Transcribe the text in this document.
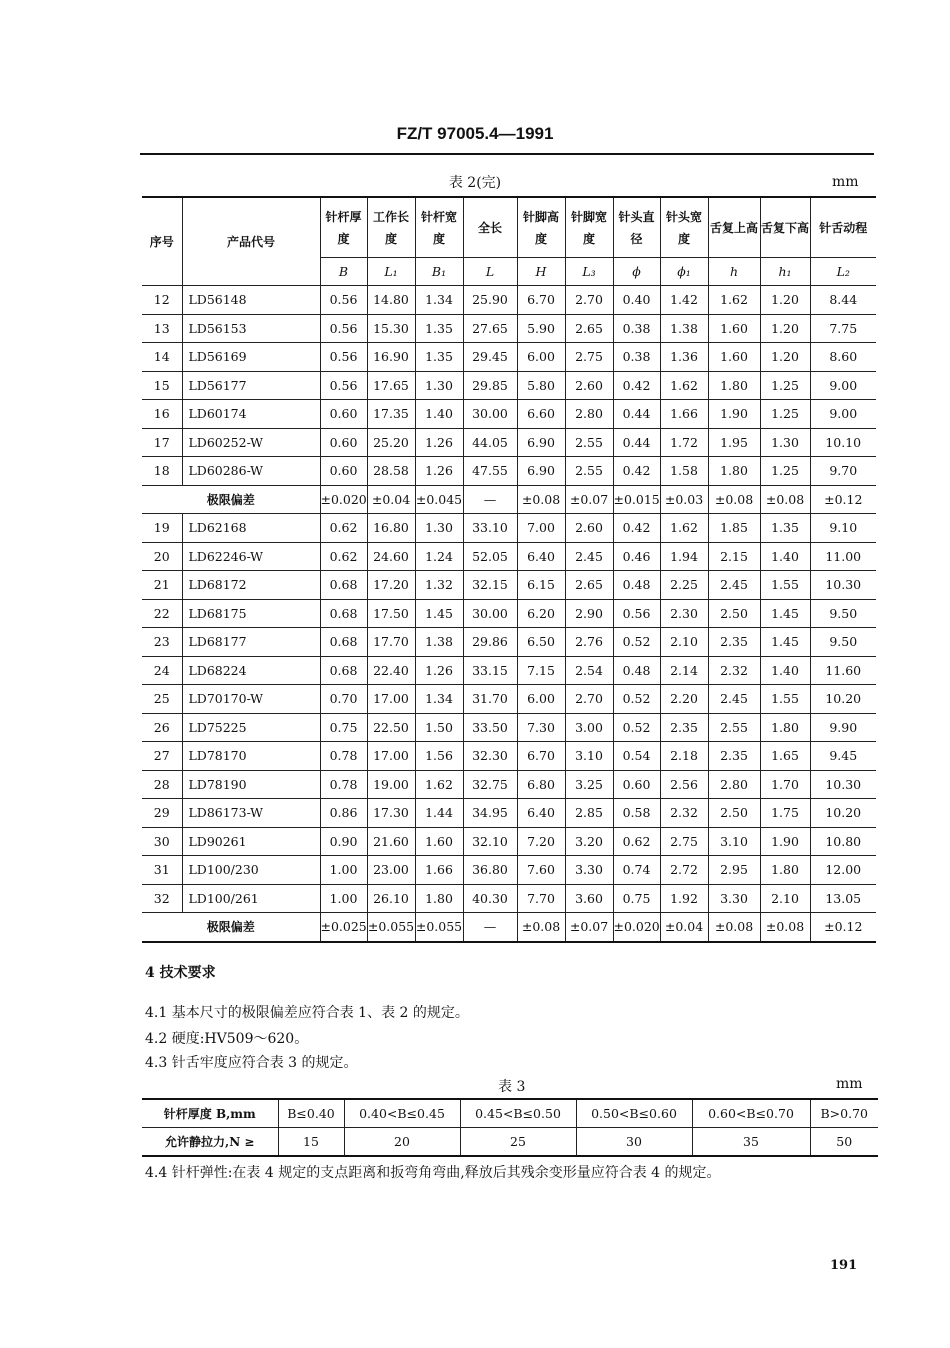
FZ/T 97005.4—1991
表 2(完)	mm
序号	产品代号	针杆厚度	工作长度	针杆宽度	全长	针脚高度	针脚宽度	针头直径	针头宽度	舌复上高	舌复下高	针舌动程
		B	L₁	B₁	L	H	L₃	ϕ	ϕ₁	h	h₁	L₂
12	LD56148	0.56	14.80	1.34	25.90	6.70	2.70	0.40	1.42	1.62	1.20	8.44
13	LD56153	0.56	15.30	1.35	27.65	5.90	2.65	0.38	1.38	1.60	1.20	7.75
14	LD56169	0.56	16.90	1.35	29.45	6.00	2.75	0.38	1.36	1.60	1.20	8.60
15	LD56177	0.56	17.65	1.30	29.85	5.80	2.60	0.42	1.62	1.80	1.25	9.00
16	LD60174	0.60	17.35	1.40	30.00	6.60	2.80	0.44	1.66	1.90	1.25	9.00
17	LD60252-W	0.60	25.20	1.26	44.05	6.90	2.55	0.44	1.72	1.95	1.30	10.10
18	LD60286-W	0.60	28.58	1.26	47.55	6.90	2.55	0.42	1.58	1.80	1.25	9.70
极限偏差		±0.020	±0.04	±0.045	—	±0.08	±0.07	±0.015	±0.03	±0.08	±0.08	±0.12
19	LD62168	0.62	16.80	1.30	33.10	7.00	2.60	0.42	1.62	1.85	1.35	9.10
20	LD62246-W	0.62	24.60	1.24	52.05	6.40	2.45	0.46	1.94	2.15	1.40	11.00
21	LD68172	0.68	17.20	1.32	32.15	6.15	2.65	0.48	2.25	2.45	1.55	10.30
22	LD68175	0.68	17.50	1.45	30.00	6.20	2.90	0.56	2.30	2.50	1.45	9.50
23	LD68177	0.68	17.70	1.38	29.86	6.50	2.76	0.52	2.10	2.35	1.45	9.50
24	LD68224	0.68	22.40	1.26	33.15	7.15	2.54	0.48	2.14	2.32	1.40	11.60
25	LD70170-W	0.70	17.00	1.34	31.70	6.00	2.70	0.52	2.20	2.45	1.55	10.20
26	LD75225	0.75	22.50	1.50	33.50	7.30	3.00	0.52	2.35	2.55	1.80	9.90
27	LD78170	0.78	17.00	1.56	32.30	6.70	3.10	0.54	2.18	2.35	1.65	9.45
28	LD78190	0.78	19.00	1.62	32.75	6.80	3.25	0.60	2.56	2.80	1.70	10.30
29	LD86173-W	0.86	17.30	1.44	34.95	6.40	2.85	0.58	2.32	2.50	1.75	10.20
30	LD90261	0.90	21.60	1.60	32.10	7.20	3.20	0.62	2.75	3.10	1.90	10.80
31	LD100/230	1.00	23.00	1.66	36.80	7.60	3.30	0.74	2.72	2.95	1.80	12.00
32	LD100/261	1.00	26.10	1.80	40.30	7.70	3.60	0.75	1.92	3.30	2.10	13.05
极限偏差		±0.025	±0.055	±0.055	—	±0.08	±0.07	±0.020	±0.04	±0.08	±0.08	±0.12
4 技术要求
4.1 基本尺寸的极限偏差应符合表 1、表 2 的规定。
4.2 硬度:HV509～620。
4.3 针舌牢度应符合表 3 的规定。
表 3	mm
针杆厚度 B,mm	B≤0.40	0.40<B≤0.45	0.45<B≤0.50	0.50<B≤0.60	0.60<B≤0.70	B>0.70
允许静拉力,N ≥	15	20	25	30	35	50
4.4 针杆弹性:在表 4 规定的支点距离和扳弯角弯曲,释放后其残余变形量应符合表 4 的规定。
191
